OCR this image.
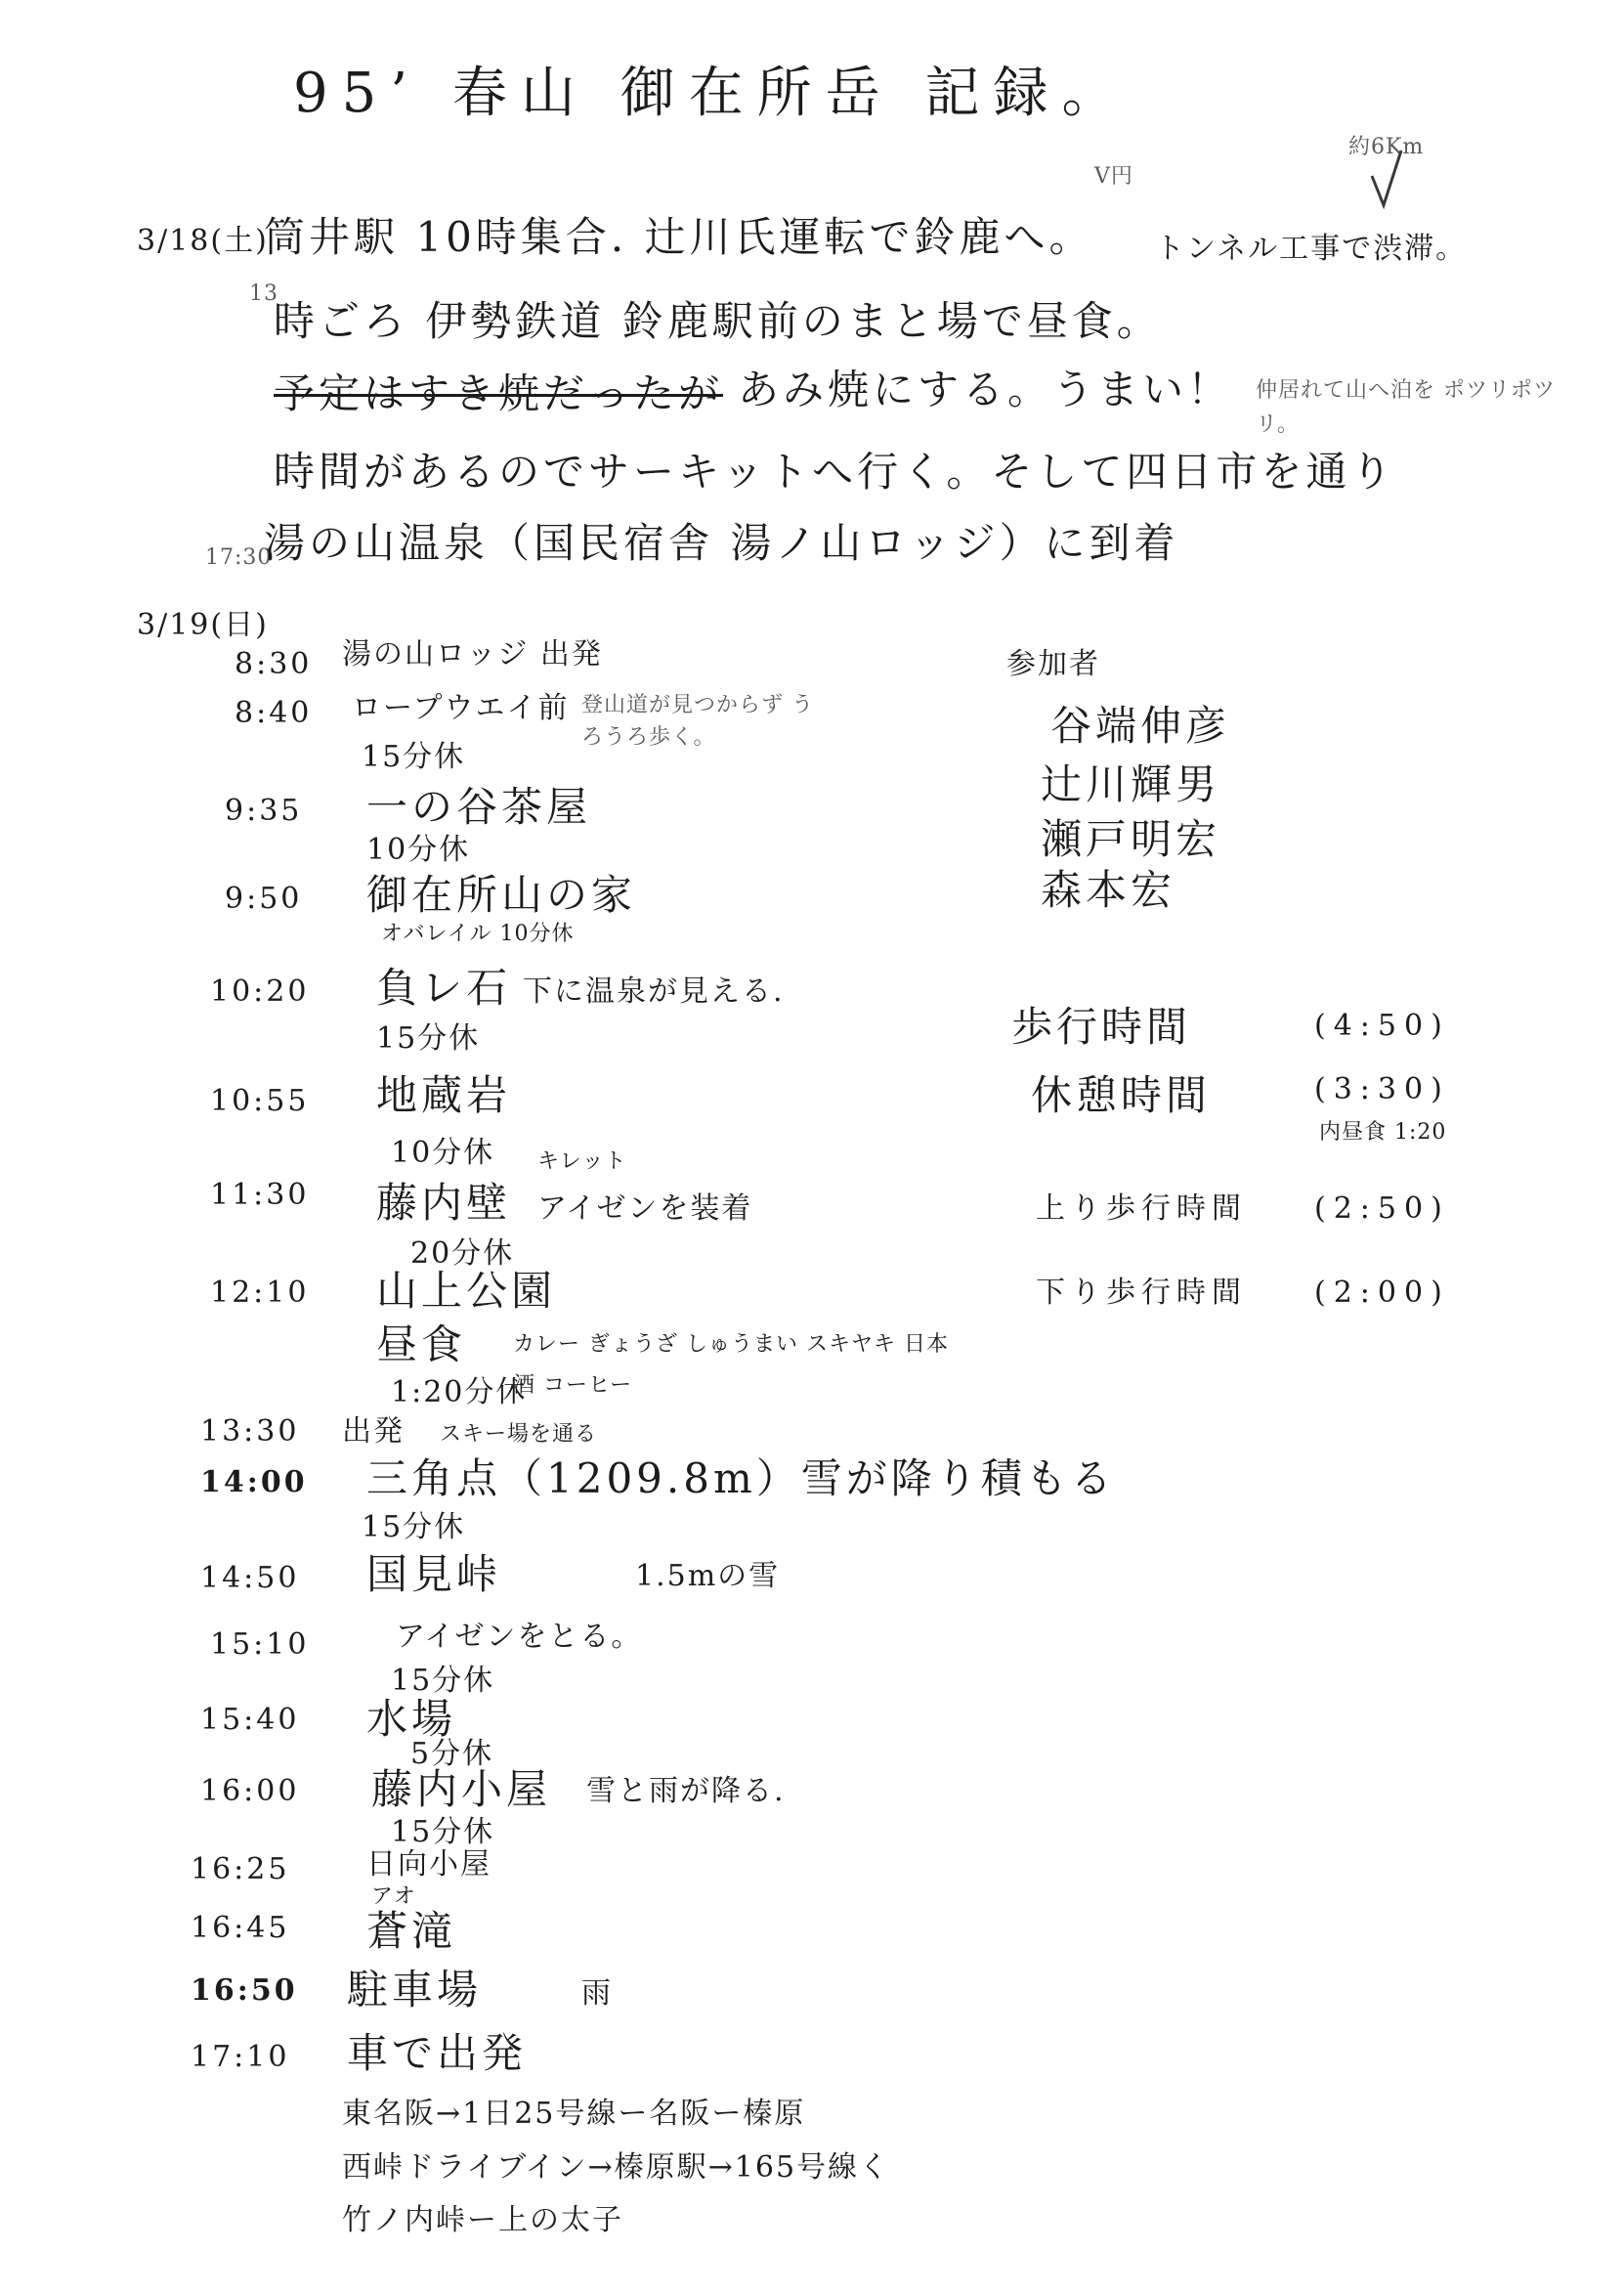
95’ 春山 御在所岳 記録。
3/18(土)
筒井駅 10時集合. 辻川氏運転で鈴鹿へ。 トンネル工事で渋滞。
V円
約6Km
13
時ごろ 伊勢鉄道 鈴鹿駅前のまと場で昼食。
予定はすき焼だったが あみ焼にする。うまい！ 仲居れて山へ泊を ポツリポツリ。
時間があるのでサーキットへ行く。そして四日市を通り
17:30
湯の山温泉（国民宿舎 湯ノ山ロッジ）に到着
3/19(日)
8:30 湯の山ロッジ 出発
8:40 ロープウエイ前 登山道が見つからず うろうろ歩く。
15分休
9:35 一の谷茶屋
10分休
9:50 御在所山の家
オバレイル 10分休
10:20 負レ石 下に温泉が見える.
15分休
10:55 地蔵岩
10分休 キレット
11:30 藤内壁 アイゼンを装着
20分休
12:10 山上公園
昼食 カレー ぎょうざ しゅうまい スキヤキ 日本酒 コーヒー
1:20分休
13:30 出発 スキー場を通る
14:00 三角点（1209.8m）雪が降り積もる
15分休
14:50 国見峠	1.5mの雪
15:10	アイゼンをとる。
15分休
15:40 水場
5分休
16:00 藤内小屋 雪と雨が降る.
15分休
16:25	日向小屋
アオ
16:45 蒼滝
16:50 駐車場	雨
17:10 車で出発
東名阪→1日25号線ー名阪ー榛原
西峠ドライブイン→榛原駅→165号線く
竹ノ内峠ー上の太子
参加者
谷端伸彦
辻川輝男
瀬戸明宏
森本宏
歩行時間	(4:50)
休憩時間	(3:30)
内昼食 1:20
上り歩行時間 (2:50)
下り歩行時間 (2:00)
